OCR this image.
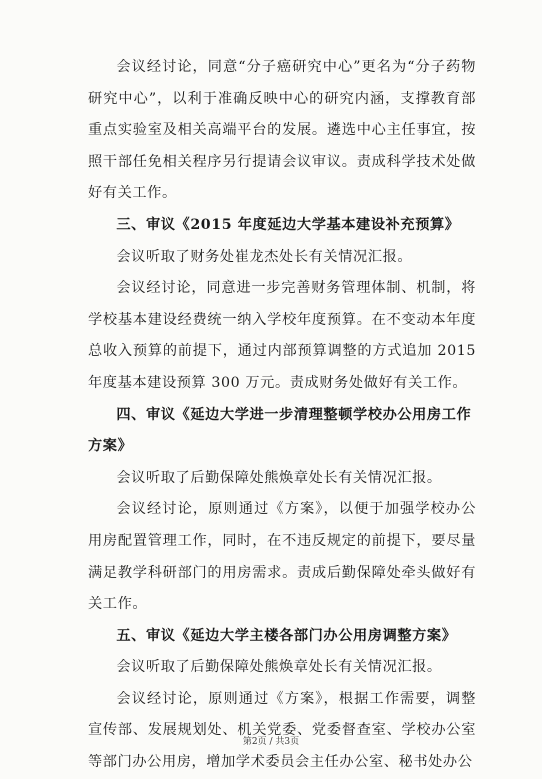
会议经讨论，同意“分子癌研究中心”更名为“分子药物研究中心”，以利于准确反映中心的研究内涵，支撑教育部重点实验室及相关高端平台的发展。遴选中心主任事宜，按照干部任免相关程序另行提请会议审议。责成科学技术处做好有关工作。

三、审议《2015 年度延边大学基本建设补充预算》

会议听取了财务处崔龙杰处长有关情况汇报。

会议经讨论，同意进一步完善财务管理体制、机制，将学校基本建设经费统一纳入学校年度预算。在不变动本年度总收入预算的前提下，通过内部预算调整的方式追加 2015 年度基本建设预算 300 万元。责成财务处做好有关工作。

四、审议《延边大学进一步清理整顿学校办公用房工作方案》

会议听取了后勤保障处熊焕章处长有关情况汇报。

会议经讨论，原则通过《方案》，以便于加强学校办公用房配置管理工作，同时，在不违反规定的前提下，要尽量满足教学科研部门的用房需求。责成后勤保障处牵头做好有关工作。

五、审议《延边大学主楼各部门办公用房调整方案》

会议听取了后勤保障处熊焕章处长有关情况汇报。

会议经讨论，原则通过《方案》，根据工作需要，调整宣传部、发展规划处、机关党委、党委督查室、学校办公室等部门办公用房，增加学术委员会主任办公室、秘书处办公

第2页 / 共3页
